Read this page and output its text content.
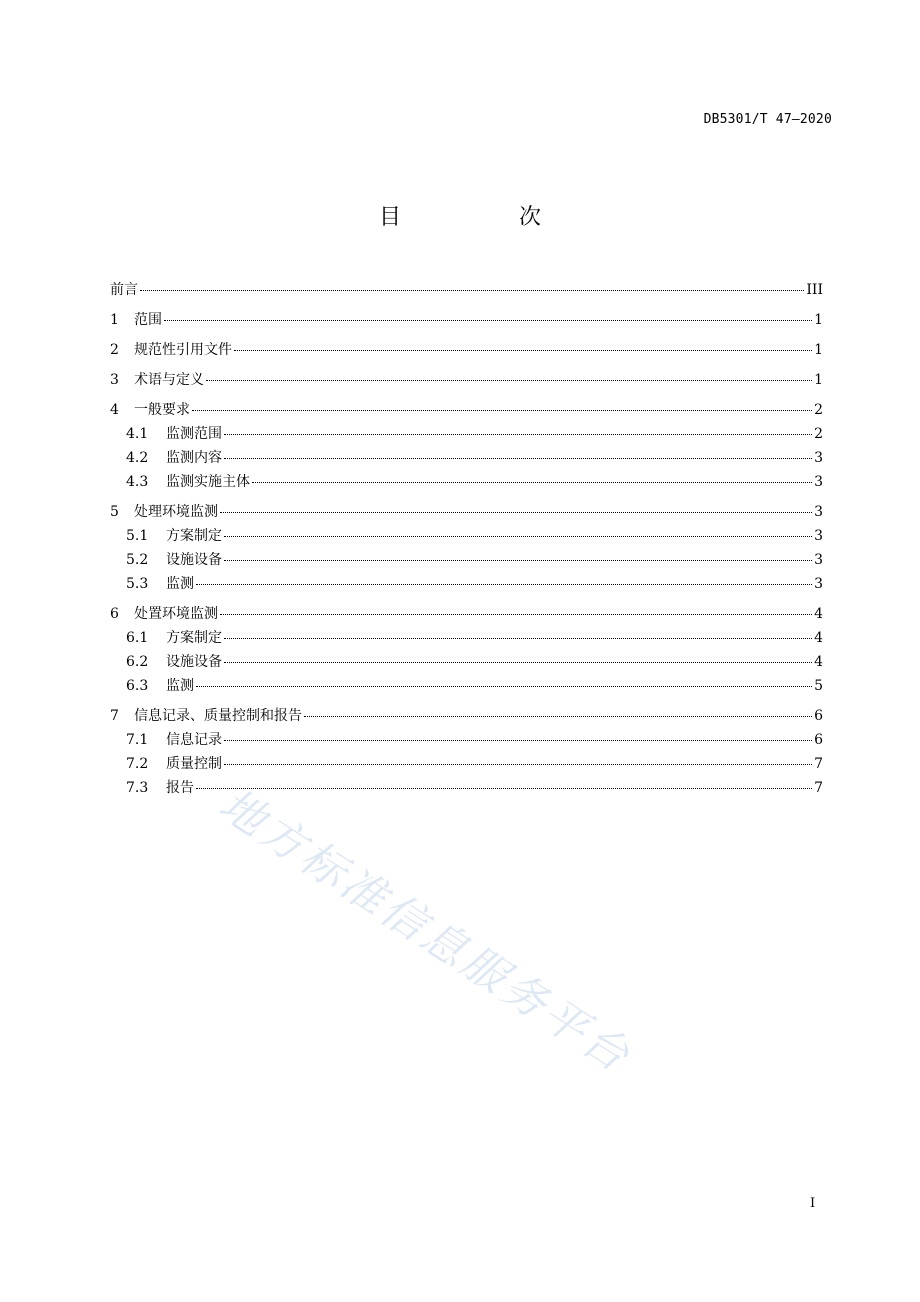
DB5301/T 47—2020
目　次
前言	III
1	范围	1
2	规范性引用文件	1
3	术语与定义	1
4	一般要求	2
4.1	监测范围	2
4.2	监测内容	3
4.3	监测实施主体	3
5	处理环境监测	3
5.1	方案制定	3
5.2	设施设备	3
5.3	监测	3
6	处置环境监测	4
6.1	方案制定	4
6.2	设施设备	4
6.3	监测	5
7	信息记录、质量控制和报告	6
7.1	信息记录	6
7.2	质量控制	7
7.3	报告	7
地方标准信息服务平台
I
